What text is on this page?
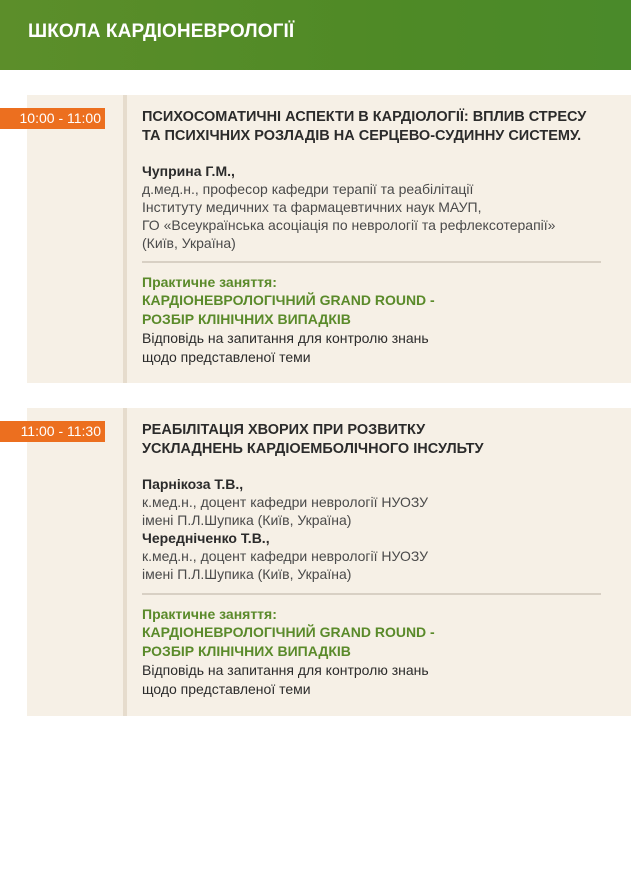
ШКОЛА КАРДІОНЕВРОЛОГІЇ
10:00 - 11:00	ПСИХОСОМАТИЧНІ АСПЕКТИ В КАРДІОЛОГІЇ: ВПЛИВ СТРЕСУ
ТА ПСИХІЧНИХ РОЗЛАДІВ НА СЕРЦЕВО-СУДИННУ СИСТЕМУ.
Чуприна Г.М.,
д.мед.н., професор кафедри терапії та реабілітації
Інституту медичних та фармацевтичних наук МАУП,
ГО «Всеукраїнська асоціація по неврології та рефлексотерапії»
(Київ, Україна)
Практичне заняття:
КАРДІОНЕВРОЛОГІЧНИЙ GRAND ROUND -
РОЗБІР КЛІНІЧНИХ ВИПАДКІВ
Відповідь на запитання для контролю знань
щодо представленої теми
11:00 - 11:30	РЕАБІЛІТАЦІЯ ХВОРИХ ПРИ РОЗВИТКУ
УСКЛАДНЕНЬ КАРДІОЕМБОЛІЧНОГО ІНСУЛЬТУ
Парнікоза Т.В.,
к.мед.н., доцент кафедри неврології НУОЗУ
імені П.Л.Шупика (Київ, Україна)
Чередніченко Т.В.,
к.мед.н., доцент кафедри неврології НУОЗУ
імені П.Л.Шупика (Київ, Україна)
Практичне заняття:
КАРДІОНЕВРОЛОГІЧНИЙ GRAND ROUND -
РОЗБІР КЛІНІЧНИХ ВИПАДКІВ
Відповідь на запитання для контролю знань
щодо представленої теми
